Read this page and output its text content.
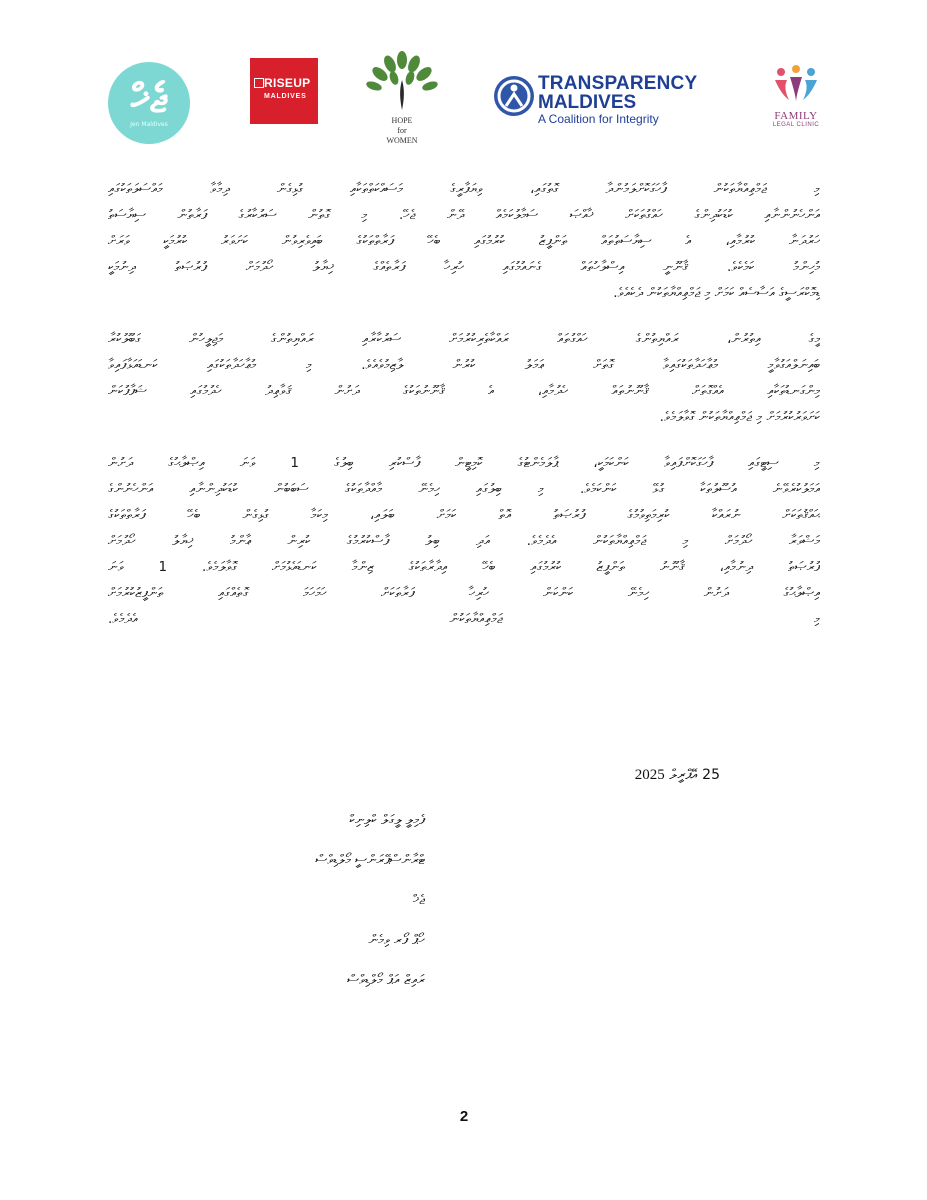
ޖެޚް
Jen Maldives
RISEUP
MALDIVES
HOPE
for
WOMEN
TRANSPARENCY
MALDIVES
A Coalition for Integrity	FAMILY
LEGAL CLINIC
މި ޖަމްޢިއްޔާތަކުން ފާހަގަކޮށްލަމުންދާ ގޮތުގައި، ވިޔަފާރީގެ މަސައްކަތްތަކާއި ގުޅިގެން ދިމާވާ މައްސަލަތަކުގައި
އަންހެނުންނާއި ކުޑަކުދިންގެ ހައްގުތަކަށް ޚާއްޞަ ސަމާލުކަމެއް ދޭން ޖެހޭ. މި ގޮތުން ސަރުކާރުގެ ފަރާތުން ސިޔާސަތު
ހަރުދަނާ ކުރުމާއި، އެ ސިޔާސަތުތައް ތަންފީޒު ކުރުމުގައި ބެހޭ ފަރާތްތަކުގެ ބައިވެރިވުން ކަށަވަރު ކުރުމަކީ ވަރަށް
މުހިންމު ކަމެކެވެ. ޤާނޫނީ އިސްލާހުތައް ގެނައުމުގައި ހުރިހާ ފަރާތެއްގެ ޚިޔާލު ހޯދުމަށް ފުރުޞަތު ދިނުމަކީ
ޑިމޮކްރަސީގެ އަސާސެއް ކަމަށް މި ޖަމްޢިއްޔާތަކުން ދެކެއެވެ.
މީގެ އިތުރުން، ރައްޔިތުންގެ ހައްގުތައް ރައްކާތެރިކުރުމަށް ސަރުކާރާއި ރައްޔިތުންގެ މަޖިލީހުން ގަބޫލުކުރާ
ބައިނަލްއަގުވާމީ މުޢާހަދާތަކުގައިވާ ގޮތަށް ޢަމަލު ކުރުން ލާޒިމުވެއެވެ. މި މުޢާހަދާތަކުގައި ކަނޑައަޅާފައިވާ
މިންގަނޑުތަކާއި އެއްގޮތަށް ޤާނޫނުތައް ހެދުމާއި، އެ ޤާނޫނުތަކުގެ ދަށުން ޤަވާޢިދު ހެދުމުގައި ޝަފާފުކަން
ކަށަވަރުކުރުމަށް މި ޖަމްޢިއްޔާތަކުން ގޮވާލަމެވެ.
މި ސިޓީގައި ފާހަގަކޮށްފައިވާ ކަންކަމަކީ، ޕާލަމެންޓުގެ ކޮމިޓީން ފާސްކުރި ބިލުގެ 1 ވަނަ އިޞްލާޙުގެ ދަށުން
އަމަލުކުރެވޭނެ އުސޫލުތަކާ ގުޅޭ ކަންކަމެވެ. މި ބިލުގައި ހިމެނޭ މާއްދާތަކުގެ ސަބަބުން ކުޑަކުދިންނާއި އަންހެނުންގެ
ޙައްޤުތަކަށް ނުރައްކާ ކުރިމަތިވުމުގެ ފުރުޞަތު އޮތް ކަމަށް ބަލައި، މިކަމާ ގުޅިގެން ބެހޭ ފަރާތްތަކުގެ
މަޝްވަރާ ހޯދުމަށް މި ޖަމްޢިއްޔާތަކުން އެދެމެވެ. އަދި ބިލު ފާސްކުރުމުގެ ކުރިން ޢާންމު ޚިޔާލު ހޯދުމަށް
ފުރުޞަތު ދިނުމާއި، ޤާނޫނު ތަންފީޒު ކުރުމުގައި ބެހޭ އިދާރާތަކުގެ ޒިންމާ ކަނޑައެޅުމަށް ގޮވާލަމެވެ. 1 ވަނަ
އިޞްލާޙުގެ ދަށުން ހިމެނޭ ކަންކަން ހުރިހާ ފަރާތަކަށް ހަމަހަމަ ގޮތެއްގައި ތަންފީޒުކުރުމަށް
މި ޖަމްޢިއްޔާތަކުން އެދެމެވެ.
25 އޭޕްރީލް 2025
ފެމިލީ ލީގަލް ކްލިނިކް
ޓްރާންސްޕޭރަންސީ މޯލްޑިވްސް
ޖެޚް
ހޯޕް ފޯރ ވިމެން
ރައިޒް އަޕް މޯލްޑިވްސް
2
